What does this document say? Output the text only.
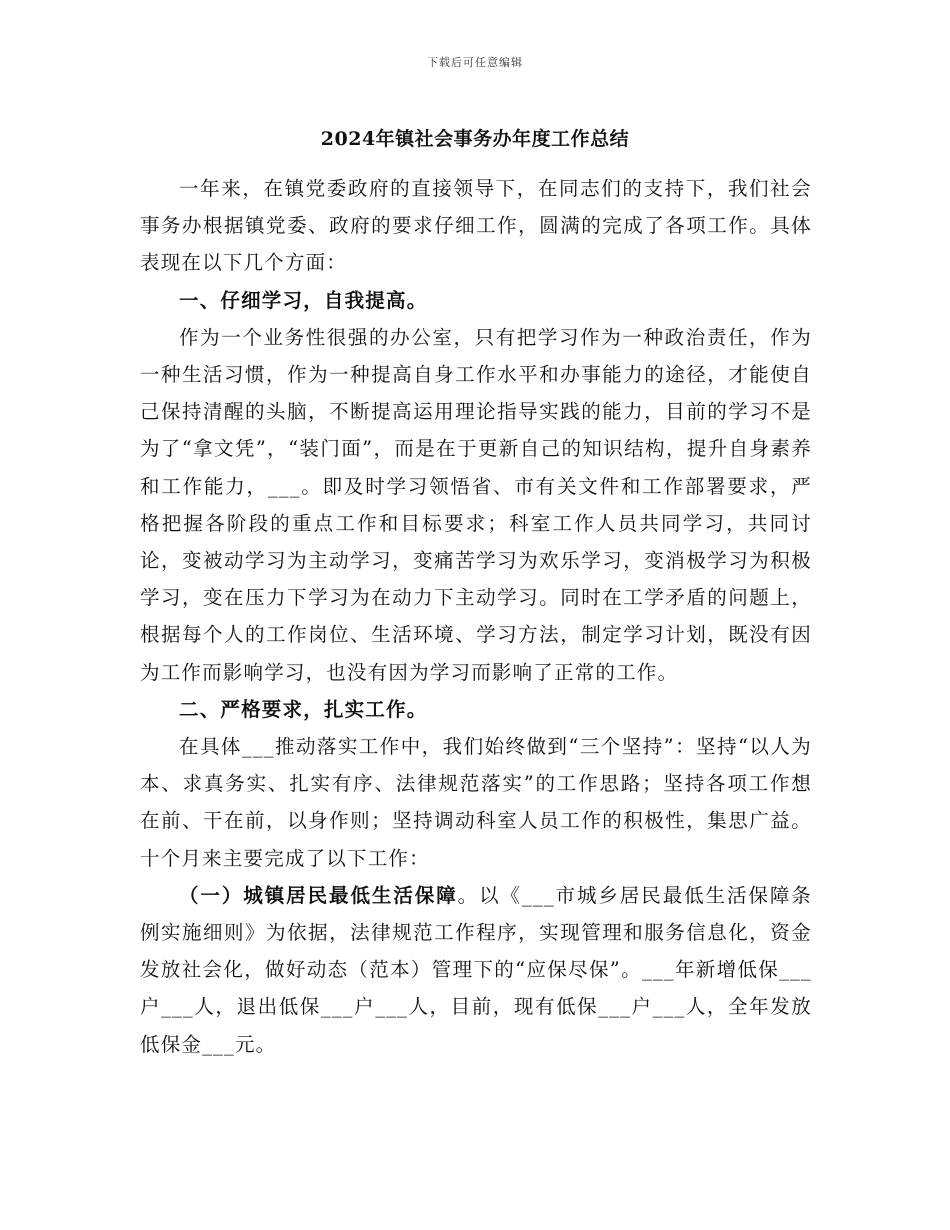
下载后可任意编辑
2024年镇社会事务办年度工作总结

一年来，在镇党委政府的直接领导下，在同志们的支持下，我们社会事务办根据镇党委、政府的要求仔细工作，圆满的完成了各项工作。具体表现在以下几个方面：

一、仔细学习，自我提高。

作为一个业务性很强的办公室，只有把学习作为一种政治责任，作为一种生活习惯，作为一种提高自身工作水平和办事能力的途径，才能使自己保持清醒的头脑，不断提高运用理论指导实践的能力，目前的学习不是为了“拿文凭”，“装门面”，而是在于更新自己的知识结构，提升自身素养和工作能力，___。即及时学习领悟省、市有关文件和工作部署要求，严格把握各阶段的重点工作和目标要求；科室工作人员共同学习，共同讨论，变被动学习为主动学习，变痛苦学习为欢乐学习，变消极学习为积极学习，变在压力下学习为在动力下主动学习。同时在工学矛盾的问题上，根据每个人的工作岗位、生活环境、学习方法，制定学习计划，既没有因为工作而影响学习，也没有因为学习而影响了正常的工作。

二、严格要求，扎实工作。

在具体___推动落实工作中，我们始终做到“三个坚持”：坚持“以人为本、求真务实、扎实有序、法律规范落实”的工作思路；坚持各项工作想在前、干在前，以身作则；坚持调动科室人员工作的积极性，集思广益。十个月来主要完成了以下工作：

（一）城镇居民最低生活保障。以《___市城乡居民最低生活保障条例实施细则》为依据，法律规范工作程序，实现管理和服务信息化，资金发放社会化，做好动态（范本）管理下的“应保尽保”。___年新增低保___户___人，退出低保___户___人，目前，现有低保___户___人，全年发放低保金___元。
